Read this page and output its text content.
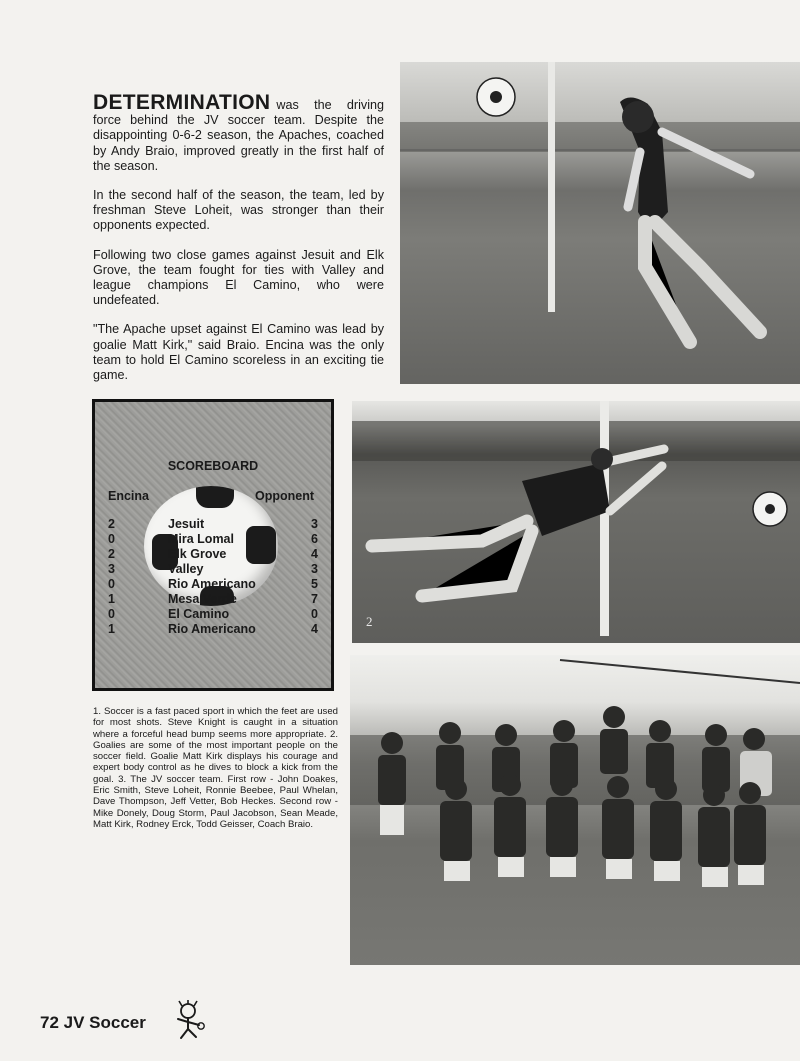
DETERMINATION was the driving force behind the JV soccer team. Despite the disappointing 0-6-2 season, the Apaches, coached by Andy Braio, improved greatly in the first half of the season.

In the second half of the season, the team, led by freshman Steve Loheit, was stronger than their opponents expected.

Following two close games against Jesuit and Elk Grove, the team fought for ties with Valley and league champions El Camino, who were undefeated.

"The Apache upset against El Camino was lead by goalie Matt Kirk," said Braio. Encina was the only team to hold El Camino scoreless in an exciting tie game.

2
SCOREBOARD
Encina	Opponent
2	Jesuit	3
0	Mira Lomal	6
2	Elk Grove	4
3	Valley	3
0	Rio Americano	5
1	Mesa Verde	7
0	El Camino	0
1	Rio Americano	4
1. Soccer is a fast paced sport in which the feet are used for most shots. Steve Knight is caught in a situation where a forceful head bump seems more appropriate. 2. Goalies are some of the most important people on the soccer field. Goalie Matt Kirk displays his courage and expert body control as he dives to block a kick from the goal. 3. The JV soccer team. First row - John Doakes, Eric Smith, Steve Loheit, Ronnie Beebee, Paul Whelan, Dave Thompson, Jeff Vetter, Bob Heckes. Second row - Mike Donely, Doug Storm, Paul Jacobson, Sean Meade, Matt Kirk, Rodney Erck, Todd Geisser, Coach Braio.
72 JV Soccer
